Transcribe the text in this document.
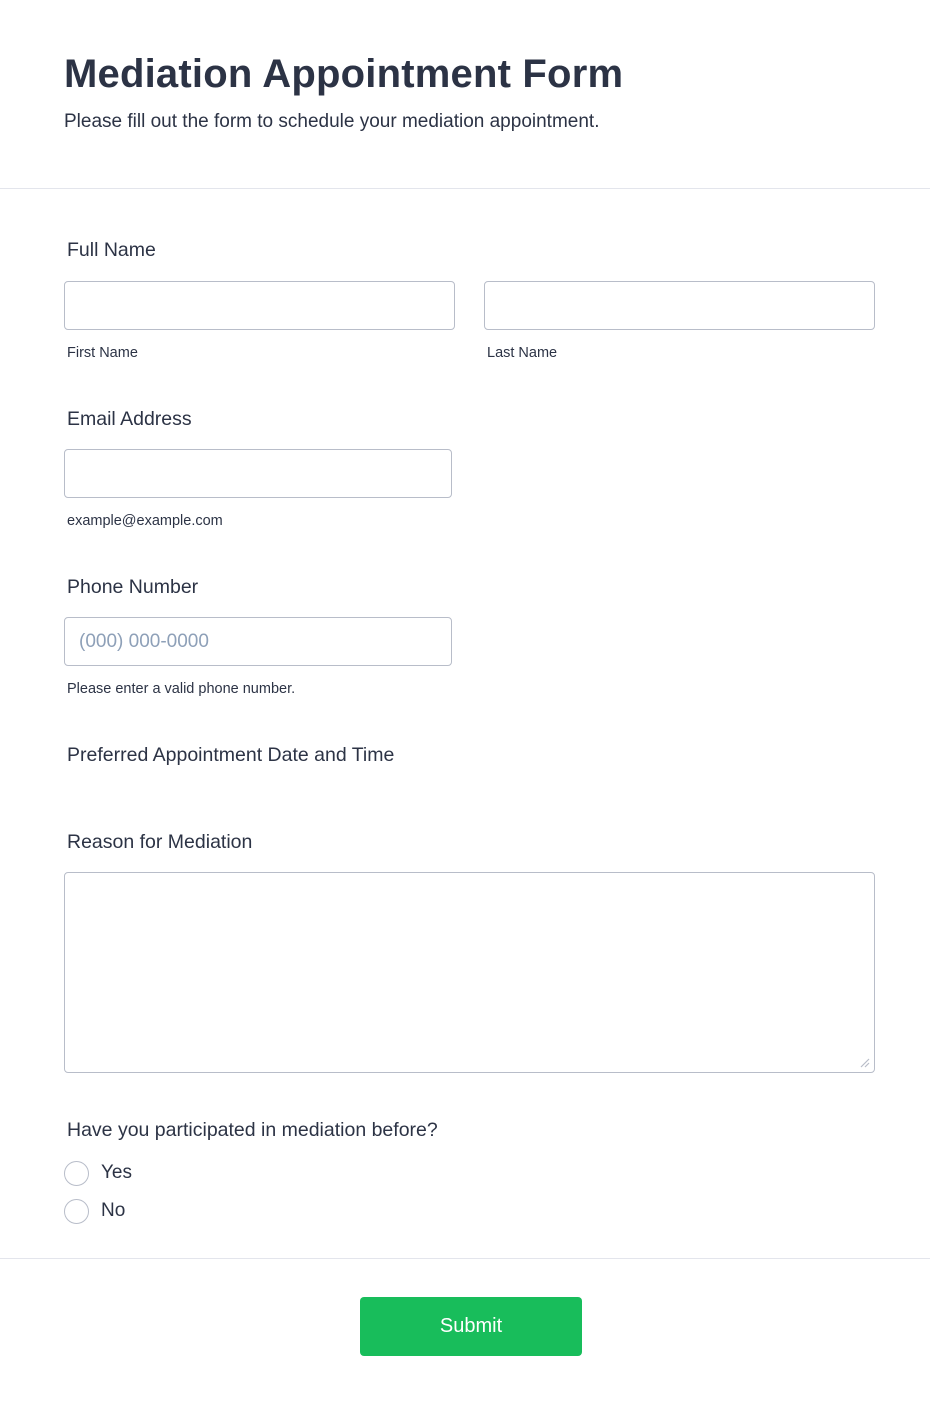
Mediation Appointment Form

Please fill out the form to schedule your mediation appointment.

Full Name
First Name	Last Name
Email Address
example@example.com
Phone Number
(000) 000-0000
Please enter a valid phone number.
Preferred Appointment Date and Time
Reason for Mediation
Have you participated in mediation before?
Yes
No
Submit
